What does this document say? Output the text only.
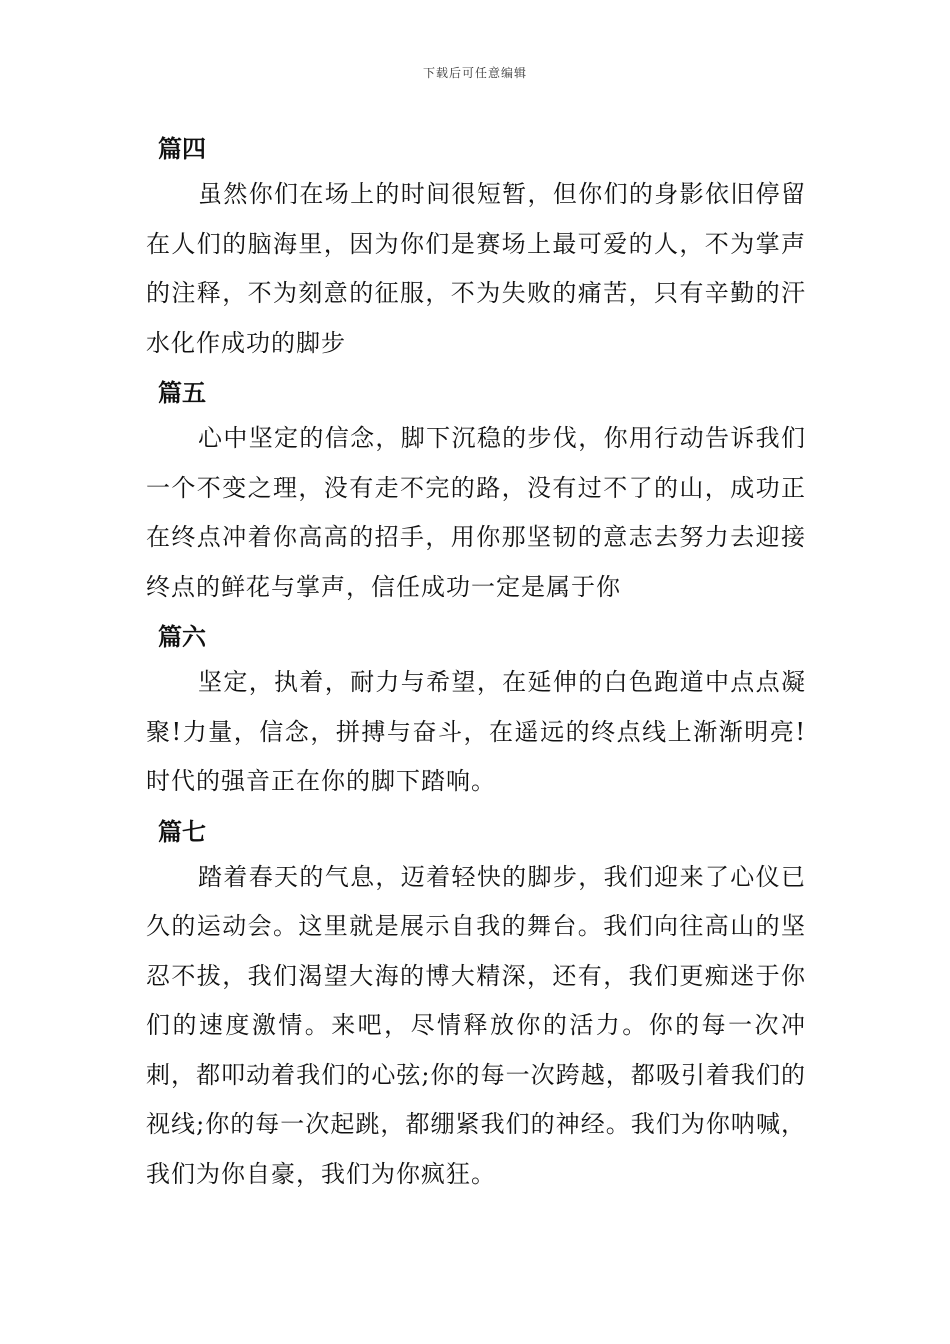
下载后可任意编辑
篇四

虽然你们在场上的时间很短暂，但你们的身影依旧停留在人们的脑海里，因为你们是赛场上最可爱的人，不为掌声的注释，不为刻意的征服，不为失败的痛苦，只有辛勤的汗水化作成功的脚步

篇五

心中坚定的信念，脚下沉稳的步伐，你用行动告诉我们一个不变之理，没有走不完的路，没有过不了的山，成功正在终点冲着你高高的招手，用你那坚韧的意志去努力去迎接终点的鲜花与掌声，信任成功一定是属于你

篇六

坚定，执着，耐力与希望，在延伸的白色跑道中点点凝聚!力量，信念，拼搏与奋斗，在遥远的终点线上渐渐明亮!时代的强音正在你的脚下踏响。

篇七

踏着春天的气息，迈着轻快的脚步，我们迎来了心仪已久的运动会。这里就是展示自我的舞台。我们向往高山的坚忍不拔，我们渴望大海的博大精深，还有，我们更痴迷于你们的速度激情。来吧，尽情释放你的活力。你的每一次冲刺，都叩动着我们的心弦;你的每一次跨越，都吸引着我们的视线;你的每一次起跳，都绷紧我们的神经。我们为你呐喊，我们为你自豪，我们为你疯狂。
